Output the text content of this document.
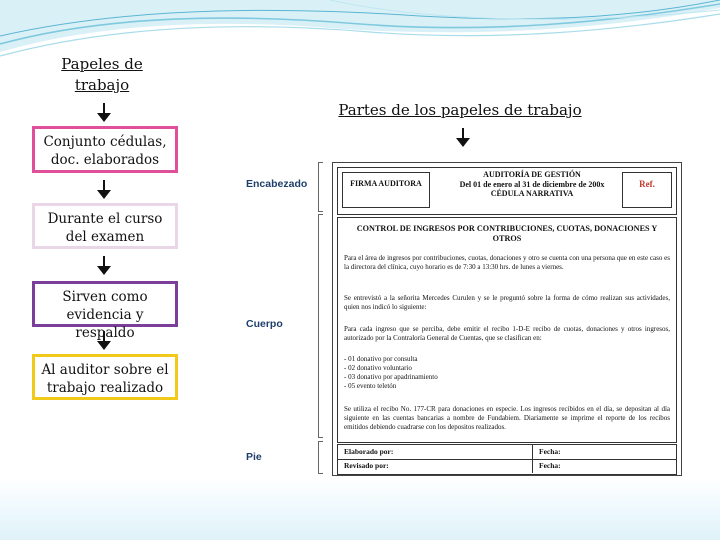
Papeles de trabajo
Partes de los papeles de trabajo
Conjunto cédulas, doc. elaborados
Durante el curso del examen
Sirven como evidencia y respaldo
Al auditor sobre el trabajo realizado
Encabezado
Cuerpo
Pie
FIRMA AUDITORA
AUDITORÍA DE GESTIÓN
Del 01 de enero al 31 de diciembre de 200x
CÉDULA NARRATIVA
Ref.
CONTROL DE INGRESOS POR CONTRIBUCIONES, CUOTAS, DONACIONES Y OTROS
Para el área de ingresos por contribuciones, cuotas, donaciones y otro se cuenta con una persona que en este caso es la directora del clínica, cuyo horario es de 7:30 a 13:30 hrs. de lunes a viernes.
Se entrevistó a la señorita Mercedes Curulen y se le preguntó sobre la forma de cómo realizan sus actividades, quien nos indicó lo siguiente:
Para cada ingreso que se perciba, debe emitir el recibo 1-D-E recibo de cuotas, donaciones y otros ingresos, autorizado por la Contraloría General de Cuentas, que se clasifican en:
- 01 donativo por consulta
- 02 donativo voluntario
- 03 donativo por apadrinamiento
- 05 evento teletón
Se utiliza el recibo No. 177-CR para donaciones en especie. Los ingresos recibidos en el día, se depositan al día siguiente en las cuentas bancarias a nombre de Fundabiem. Diariamente se imprime el reporte de los recibos emitidos debiendo cuadrarse con los depositos realizados.
Elaborado por:	Fecha:
Revisado por:	Fecha:
